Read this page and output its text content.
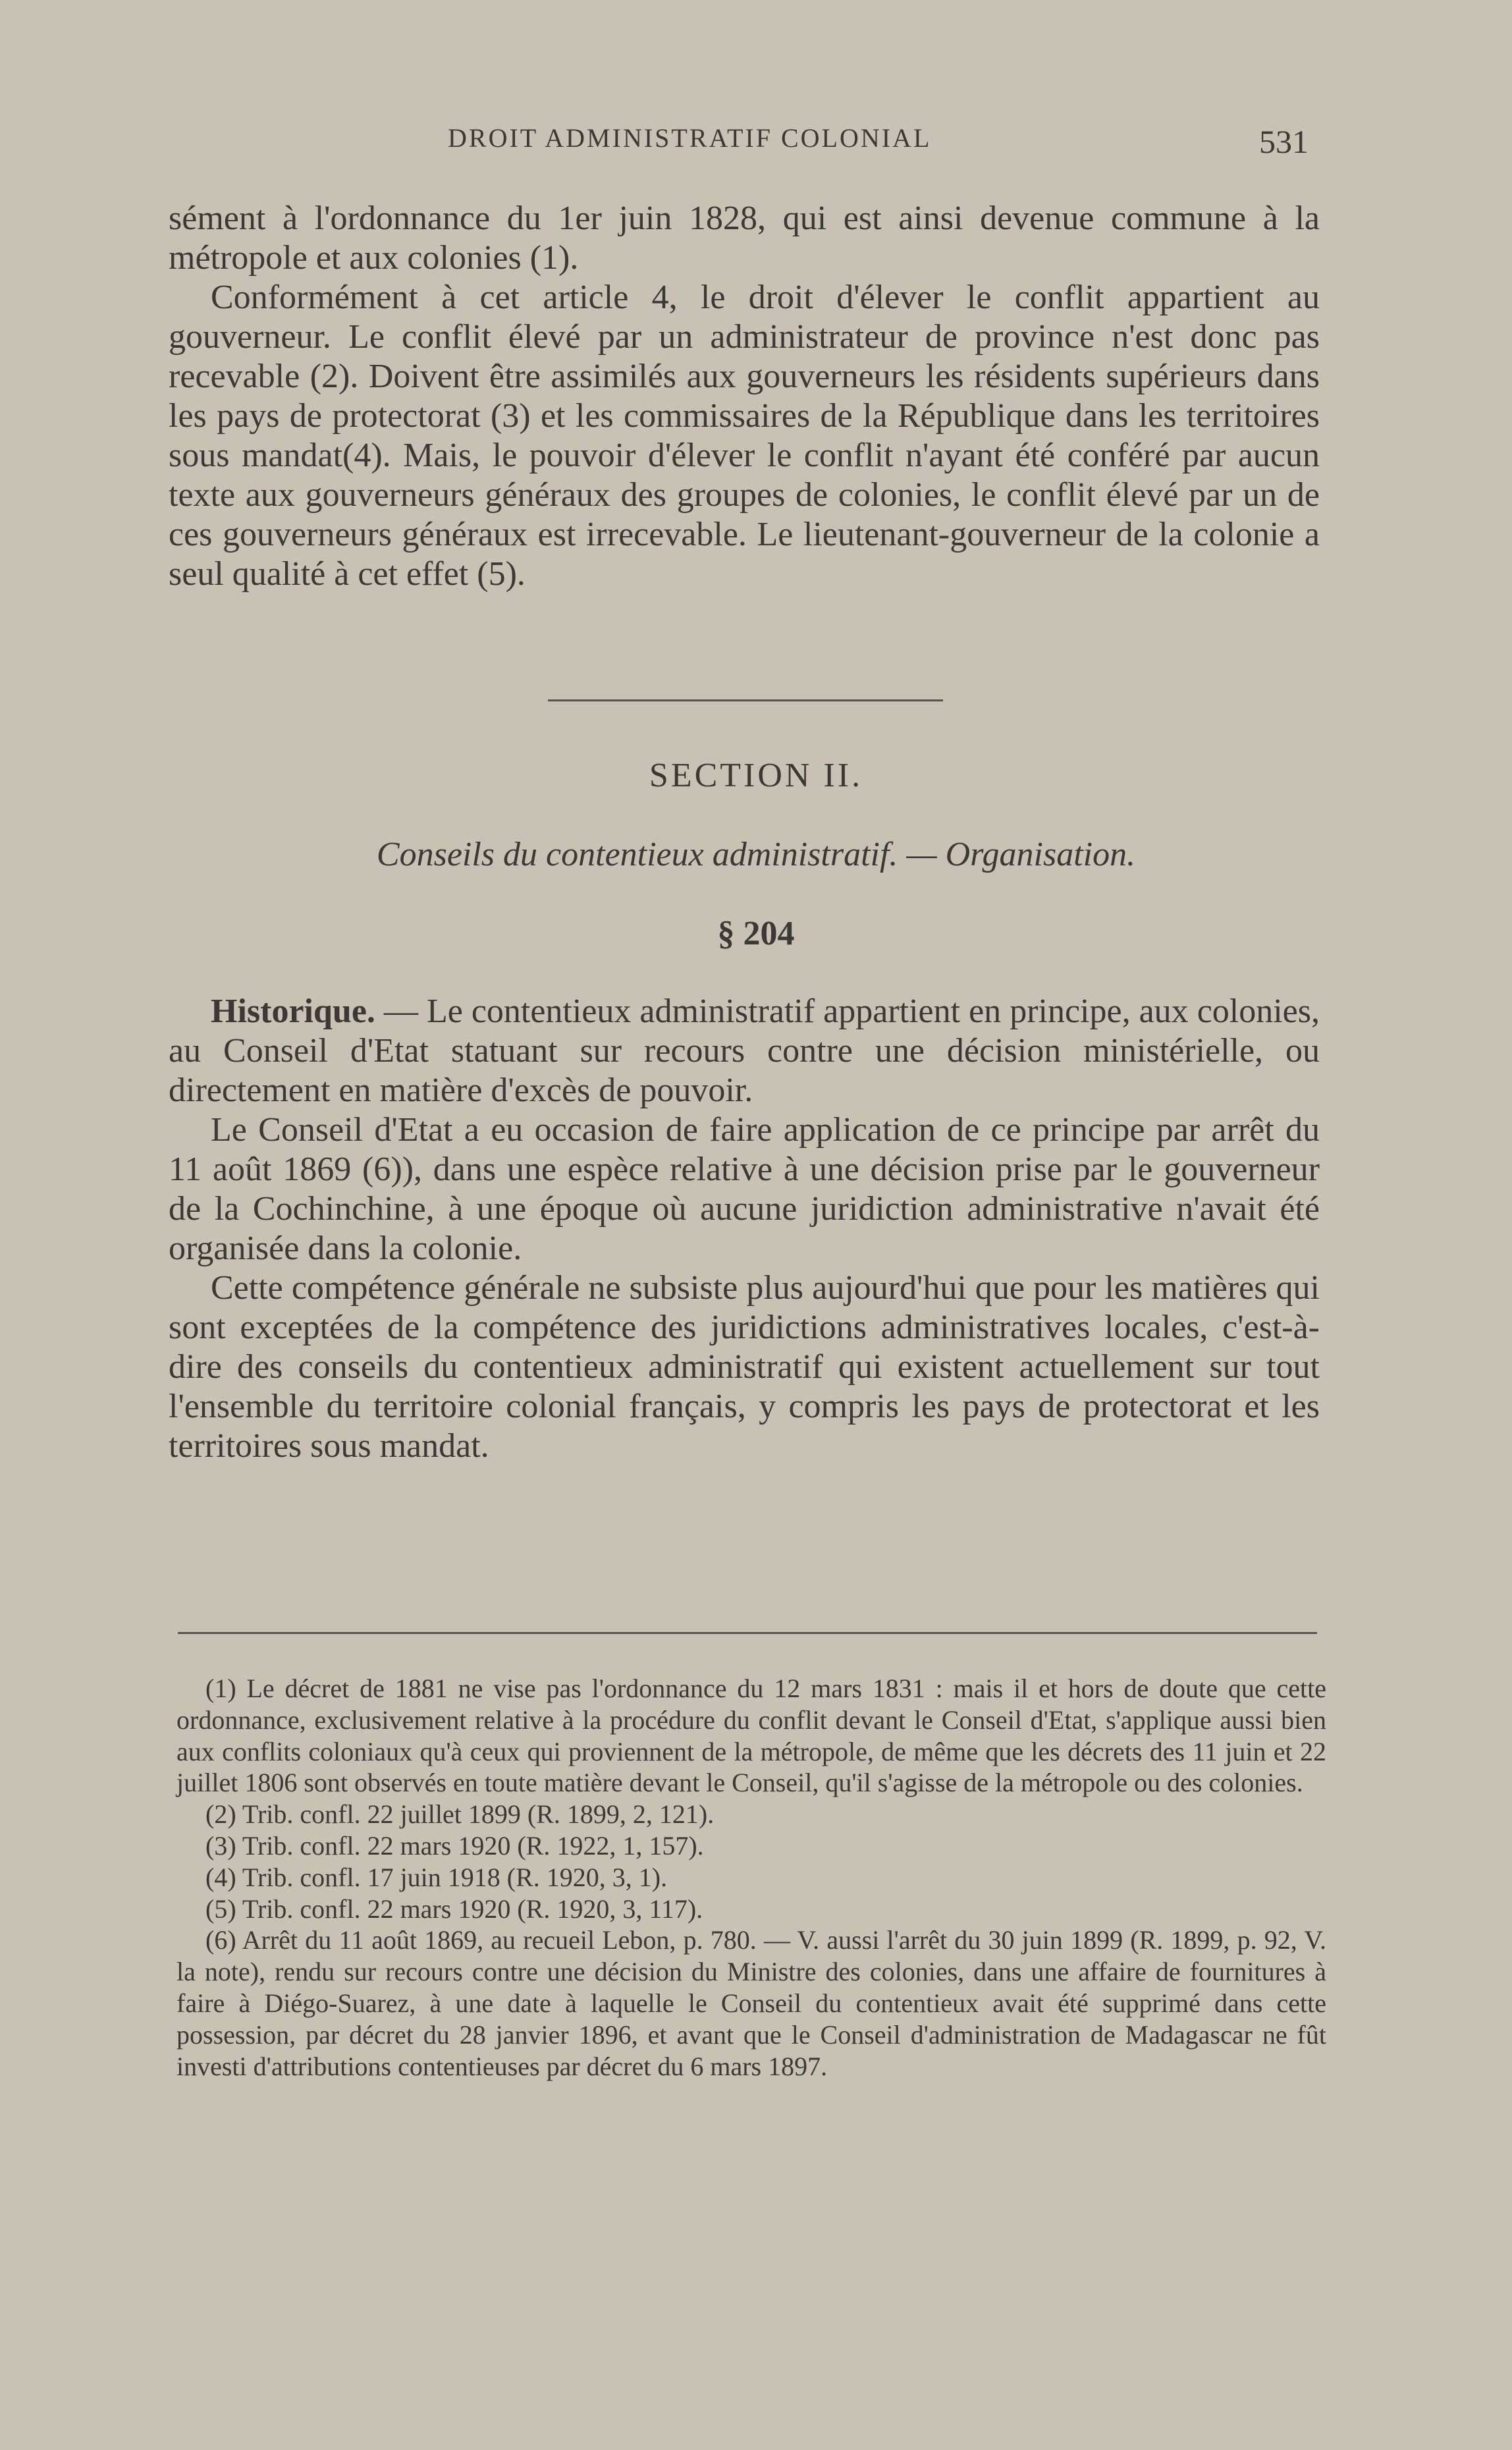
DROIT ADMINISTRATIF COLONIAL	531

sément à l'ordonnance du 1er juin 1828, qui est ainsi devenue commune à la métropole et aux colonies (1).

Conformément à cet article 4, le droit d'élever le conflit appartient au gouverneur. Le conflit élevé par un administrateur de province n'est donc pas recevable (2). Doivent être assimilés aux gouverneurs les résidents supérieurs dans les pays de protectorat (3) et les commissaires de la République dans les territoires sous mandat(4). Mais, le pouvoir d'élever le conflit n'ayant été conféré par aucun texte aux gouverneurs généraux des groupes de colonies, le conflit élevé par un de ces gouverneurs généraux est irrecevable. Le lieutenant-gouverneur de la colonie a seul qualité à cet effet (5).

SECTION II.
Conseils du contentieux administratif. — Organisation.
§ 204

Historique. — Le contentieux administratif appartient en principe, aux colonies, au Conseil d'Etat statuant sur recours contre une décision ministérielle, ou directement en matière d'excès de pouvoir.

Le Conseil d'Etat a eu occasion de faire application de ce principe par arrêt du 11 août 1869 (6)), dans une espèce relative à une décision prise par le gouverneur de la Cochinchine, à une époque où aucune juridiction administrative n'avait été organisée dans la colonie.

Cette compétence générale ne subsiste plus aujourd'hui que pour les matières qui sont exceptées de la compétence des juridictions administratives locales, c'est-à-dire des conseils du contentieux administratif qui existent actuellement sur tout l'ensemble du territoire colonial français, y compris les pays de protectorat et les territoires sous mandat.

(1) Le décret de 1881 ne vise pas l'ordonnance du 12 mars 1831 : mais il et hors de doute que cette ordonnance, exclusivement relative à la procédure du conflit devant le Conseil d'Etat, s'applique aussi bien aux conflits coloniaux qu'à ceux qui proviennent de la métropole, de même que les décrets des 11 juin et 22 juillet 1806 sont observés en toute matière devant le Conseil, qu'il s'agisse de la métropole ou des colonies.

(2) Trib. confl. 22 juillet 1899 (R. 1899, 2, 121).

(3) Trib. confl. 22 mars 1920 (R. 1922, 1, 157).

(4) Trib. confl. 17 juin 1918 (R. 1920, 3, 1).

(5) Trib. confl. 22 mars 1920 (R. 1920, 3, 117).

(6) Arrêt du 11 août 1869, au recueil Lebon, p. 780. — V. aussi l'arrêt du 30 juin 1899 (R. 1899, p. 92, V. la note), rendu sur recours contre une décision du Ministre des colonies, dans une affaire de fournitures à faire à Diégo-Suarez, à une date à laquelle le Conseil du contentieux avait été supprimé dans cette possession, par décret du 28 janvier 1896, et avant que le Conseil d'administration de Madagascar ne fût investi d'attributions contentieuses par décret du 6 mars 1897.
